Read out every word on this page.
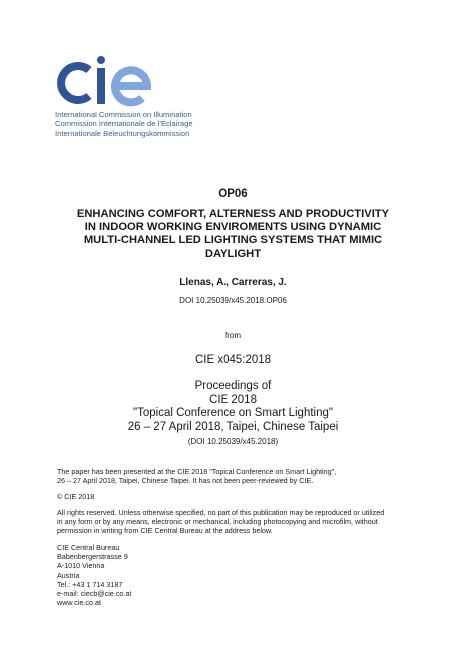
International Commission on Illumination
Commission Internationale de l’Eclairage
Internationale Beleuchtungskommission
OP06
ENHANCING COMFORT, ALTERNESS AND PRODUCTIVITY
IN INDOOR WORKING ENVIROMENTS USING DYNAMIC
MULTI-CHANNEL LED LIGHTING SYSTEMS THAT MIMIC
DAYLIGHT
Llenas, A., Carreras, J.
DOI 10.25039/x45.2018.OP06
from
CIE x045:2018
Proceedings of
CIE 2018
"Topical Conference on Smart Lighting"
26 – 27 April 2018, Taipei, Chinese Taipei
(DOI 10.25039/x45.2018)
The paper has been presented at the CIE 2018 "Topical Conference on Smart Lighting",
26 – 27 April 2018, Taipei, Chinese Taipei. It has not been peer-reviewed by CIE.
© CIE 2018
All rights reserved. Unless otherwise specified, no part of this publication may be reproduced or utilized
in any form or by any means, electronic or mechanical, including photocopying and microfilm, without
permission in writing from CIE Central Bureau at the address below.
CIE Central Bureau
Babenbergerstrasse 9
A-1010 Vienna
Austria
Tel.: +43 1 714 3187
e-mail: ciecb@cie.co.at
www.cie.co.at
